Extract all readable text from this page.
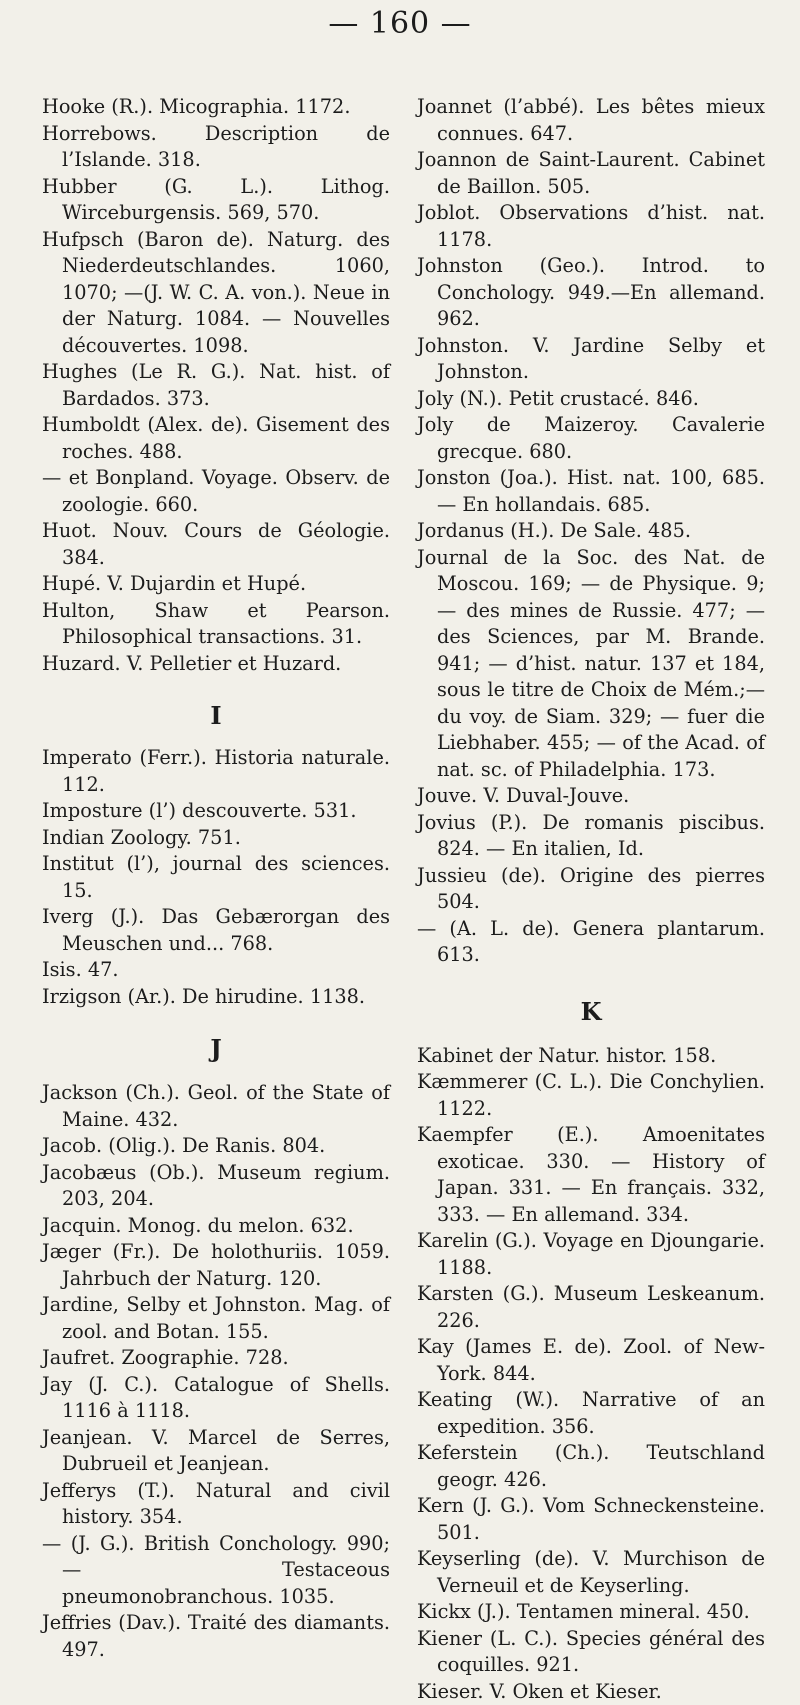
— 160 —

Hooke (R.). Micographia. 1172.

Horrebows. Description de l’Islande. 318.

Hubber (G. L.). Lithog. Wirceburgensis. 569, 570.

Hufpsch (Baron de). Naturg. des Niederdeutschlandes. 1060, 1070; —(J. W. C. A. von.). Neue in der Naturg. 1084. — Nouvelles découvertes. 1098.

Hughes (Le R. G.). Nat. hist. of Bardados. 373.

Humboldt (Alex. de). Gisement des roches. 488.

— et Bonpland. Voyage. Observ. de zoologie. 660.

Huot. Nouv. Cours de Géologie. 384.

Hupé. V. Dujardin et Hupé.

Hulton, Shaw et Pearson. Philosophical transactions. 31.

Huzard. V. Pelletier et Huzard.

I

Imperato (Ferr.). Historia naturale. 112.

Imposture (l’) descouverte. 531.

Indian Zoology. 751.

Institut (l’), journal des sciences. 15.

Iverg (J.). Das Gebærorgan des Meuschen und... 768.

Isis. 47.

Irzigson (Ar.). De hirudine. 1138.

J

Jackson (Ch.). Geol. of the State of Maine. 432.

Jacob. (Olig.). De Ranis. 804.

Jacobæus (Ob.). Museum regium. 203, 204.

Jacquin. Monog. du melon. 632.

Jæger (Fr.). De holothuriis. 1059. Jahrbuch der Naturg. 120.

Jardine, Selby et Johnston. Mag. of zool. and Botan. 155.

Jaufret. Zoographie. 728.

Jay (J. C.). Catalogue of Shells. 1116 à 1118.

Jeanjean. V. Marcel de Serres, Dubrueil et Jeanjean.

Jefferys (T.). Natural and civil history. 354.

— (J. G.). British Conchology. 990; — Testaceous pneumonobranchous. 1035.

Jeffries (Dav.). Traité des diamants. 497.

Joannet (l’abbé). Les bêtes mieux connues. 647.

Joannon de Saint-Laurent. Cabinet de Baillon. 505.

Joblot. Observations d’hist. nat. 1178.

Johnston (Geo.). Introd. to Conchology. 949.—En allemand. 962.

Johnston. V. Jardine Selby et Johnston.

Joly (N.). Petit crustacé. 846.

Joly de Maizeroy. Cavalerie grecque. 680.

Jonston (Joa.). Hist. nat. 100, 685. — En hollandais. 685.

Jordanus (H.). De Sale. 485.

Journal de la Soc. des Nat. de Moscou. 169; — de Physique. 9; — des mines de Russie. 477; — des Sciences, par M. Brande. 941; — d’hist. natur. 137 et 184, sous le titre de Choix de Mém.;—du voy. de Siam. 329; — fuer die Liebhaber. 455; — of the Acad. of nat. sc. of Philadelphia. 173.

Jouve. V. Duval-Jouve.

Jovius (P.). De romanis piscibus. 824. — En italien, Id.

Jussieu (de). Origine des pierres 504.

— (A. L. de). Genera plantarum. 613.

K

Kabinet der Natur. histor. 158.

Kæmmerer (C. L.). Die Conchylien. 1122.

Kaempfer (E.). Amoenitates exoticae. 330. — History of Japan. 331. — En français. 332, 333. — En allemand. 334.

Karelin (G.). Voyage en Djoungarie. 1188.

Karsten (G.). Museum Leskeanum. 226.

Kay (James E. de). Zool. of New-York. 844.

Keating (W.). Narrative of an expedition. 356.

Keferstein (Ch.). Teutschland geogr. 426.

Kern (J. G.). Vom Schneckensteine. 501.

Keyserling (de). V. Murchison de Verneuil et de Keyserling.

Kickx (J.). Tentamen mineral. 450.

Kiener (L. C.). Species général des coquilles. 921.

Kieser. V. Oken et Kieser.
